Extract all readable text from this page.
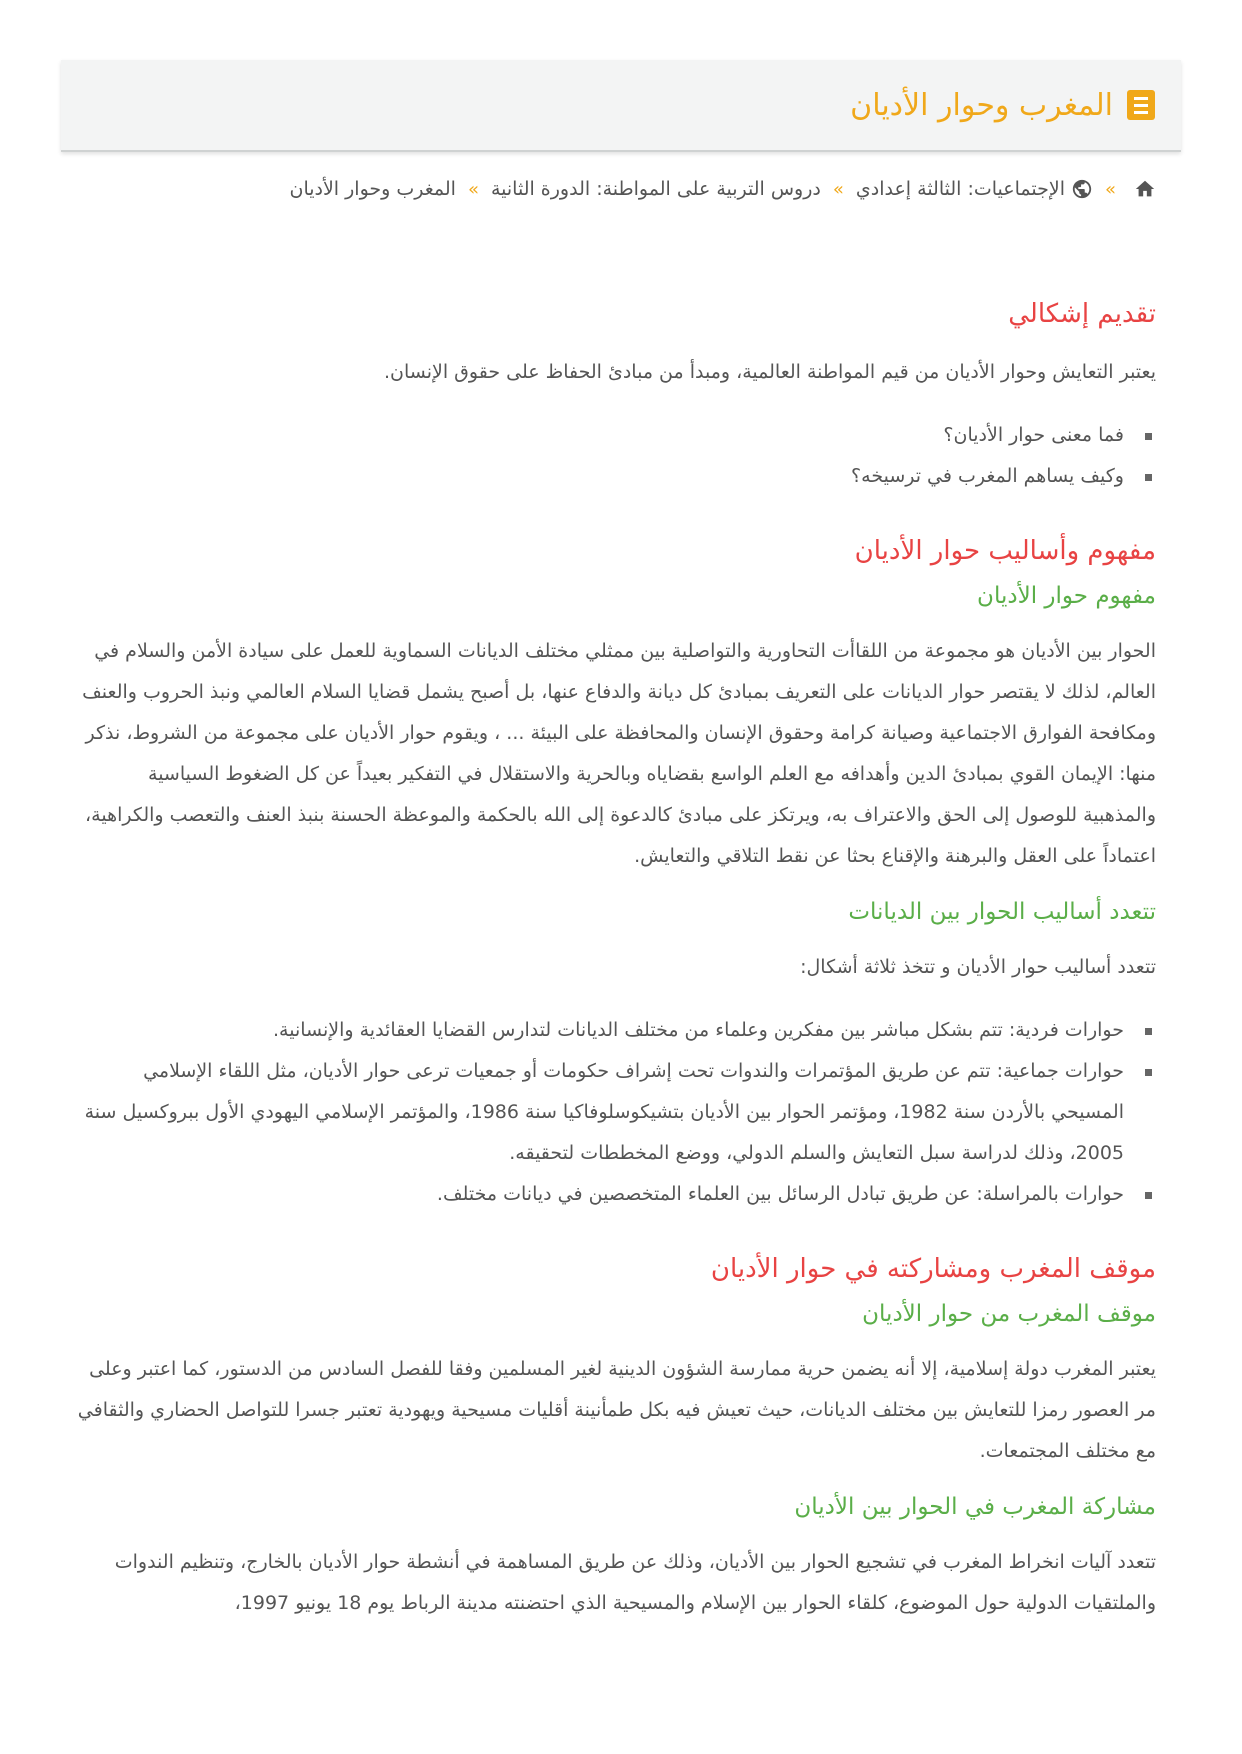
المغرب وحوار الأديان
»
الإجتماعيات: الثالثة إعدادي
»
دروس التربية على المواطنة: الدورة الثانية
»
المغرب وحوار الأديان
تقديم إشكالي

يعتبر التعايش وحوار الأديان من قيم المواطنة العالمية، ومبدأ من مبادئ الحفاظ على حقوق الإنسان.

فما معنى حوار الأديان؟
وكيف يساهم المغرب في ترسيخه؟
مفهوم وأساليب حوار الأديان
مفهوم حوار الأديان

الحوار بين الأديان هو مجموعة من اللقاأت التحاورية والتواصلية بين ممثلي مختلف الديانات السماوية للعمل على سيادة الأمن والسلام في العالم، لذلك لا يقتصر حوار الديانات على التعريف بمبادئ كل ديانة والدفاع عنها، بل أصبح يشمل قضايا السلام العالمي ونبذ الحروب والعنف ومكافحة الفوارق الاجتماعية وصيانة كرامة وحقوق الإنسان والمحافظة على البيئة ... ، ويقوم حوار الأديان على مجموعة من الشروط، نذكر منها: الإيمان القوي بمبادئ الدين وأهدافه مع العلم الواسع بقضاياه وبالحرية والاستقلال في التفكير بعيداً عن كل الضغوط السياسية والمذهبية للوصول إلى الحق والاعتراف به، ويرتكز على مبادئ كالدعوة إلى الله بالحكمة والموعظة الحسنة بنبذ العنف والتعصب والكراهية، اعتماداً على العقل والبرهنة والإقناع بحثا عن نقط التلاقي والتعايش.

تتعدد أساليب الحوار بين الديانات

تتعدد أساليب حوار الأديان و تتخذ ثلاثة أشكال:

حوارات فردية: تتم بشكل مباشر بين مفكرين وعلماء من مختلف الديانات لتدارس القضايا العقائدية والإنسانية.
حوارات جماعية: تتم عن طريق المؤتمرات والندوات تحت إشراف حكومات أو جمعيات ترعى حوار الأديان، مثل اللقاء الإسلامي المسيحي بالأردن سنة 1982، ومؤتمر الحوار بين الأديان بتشيكوسلوفاكيا سنة 1986، والمؤتمر الإسلامي اليهودي الأول ببروكسيل سنة 2005، وذلك لدراسة سبل التعايش والسلم الدولي، ووضع المخططات لتحقيقه.
حوارات بالمراسلة: عن طريق تبادل الرسائل بين العلماء المتخصصين في ديانات مختلف.
موقف المغرب ومشاركته في حوار الأديان
موقف المغرب من حوار الأديان

يعتبر المغرب دولة إسلامية، إلا أنه يضمن حرية ممارسة الشؤون الدينية لغير المسلمين وفقا للفصل السادس من الدستور، كما اعتبر وعلى مر العصور رمزا للتعايش بين مختلف الديانات، حيث تعيش فيه بكل طمأنينة أقليات مسيحية ويهودية تعتبر جسرا للتواصل الحضاري والثقافي مع مختلف المجتمعات.

مشاركة المغرب في الحوار بين الأديان

تتعدد آليات انخراط المغرب في تشجيع الحوار بين الأديان، وذلك عن طريق المساهمة في أنشطة حوار الأديان بالخارج، وتنظيم الندوات والملتقيات الدولية حول الموضوع، كلقاء الحوار بين الإسلام والمسيحية الذي احتضنته مدينة الرباط يوم 18 يونيو 1997،
